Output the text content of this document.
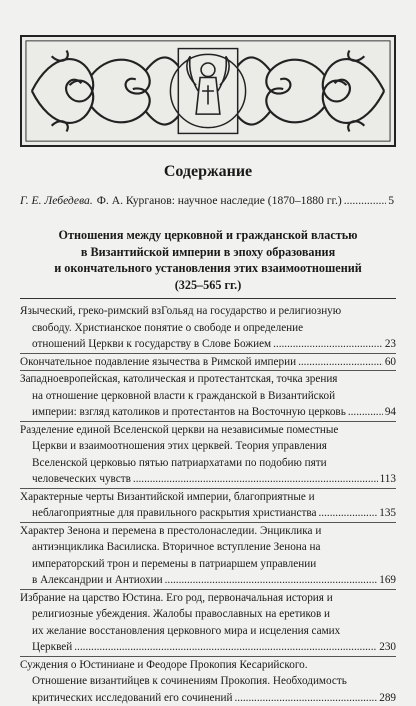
Содержание
Г. Е. Лебедева. Ф. А. Курганов: научное наследие (1870–1880 гг.) .....	5
Отношения между церковной и гражданской властью
в Византийской империи в эпоху образования
и окончательного установления этих взаимоотношений
(325–565 гг.)
Языческий, греко-римский взГольяд на государство и религиозную
свободу. Христианское понятие о свободе и определение
отношений Церкви к государству в Слове Божием .....	23
Окончательное подавление язычества в Римской империи .....	60
Западноевропейская, католическая и протестантская, точка зрения
на отношение церковной власти к гражданской в Византийской
империи: взгляд католиков и протестантов на Восточную церковь .....	94
Разделение единой Вселенской церкви на независимые поместные
Церкви и взаимоотношения этих церквей. Теория управления
Вселенской церковью пятью патриархатами по подобию пяти
человеческих чувств .....	113
Характерные черты Византийской империи, благоприятные и
неблагоприятные для правильного раскрытия христианства .....	135
Характер Зенона и перемена в престолонаследии. Энциклика и
антиэнциклика Василиска. Вторичное вступление Зенона на
императорский трон и перемены в патриаршем управлении
в Александрии и Антиохии .....	169
Избрание на царство Юстина. Его род, первоначальная история и
религиозные убеждения. Жалобы православных на еретиков и
их желание восстановления церковного мира и исцеления самих
Церквей .....	230
Суждения о Юстиниане и Феодоре Прокопия Кесарийского.
Отношение византийцев к сочинениям Прокопия. Необходимость
критических исследований его сочинений .....	289
